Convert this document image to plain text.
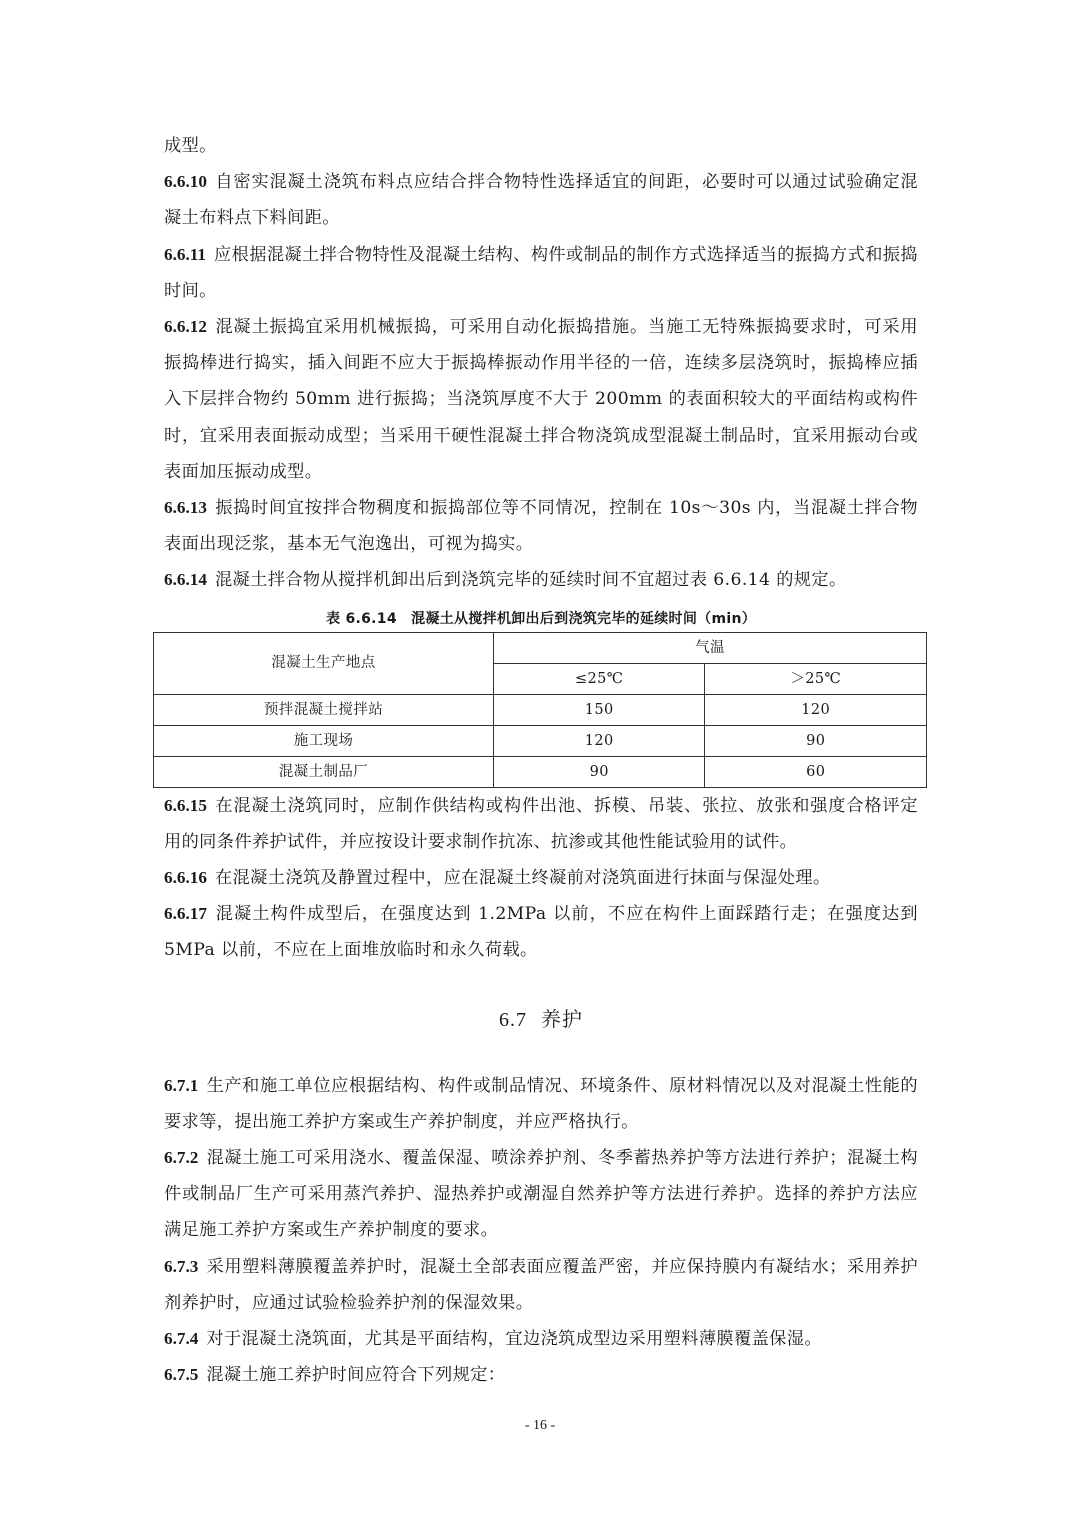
成型。

6.6.10 自密实混凝土浇筑布料点应结合拌合物特性选择适宜的间距，必要时可以通过试验确定混凝土布料点下料间距。

6.6.11 应根据混凝土拌合物特性及混凝土结构、构件或制品的制作方式选择适当的振捣方式和振捣时间。

6.6.12 混凝土振捣宜采用机械振捣，可采用自动化振捣措施。当施工无特殊振捣要求时，可采用振捣棒进行捣实，插入间距不应大于振捣棒振动作用半径的一倍，连续多层浇筑时，振捣棒应插入下层拌合物约 50mm 进行振捣；当浇筑厚度不大于 200mm 的表面积较大的平面结构或构件时，宜采用表面振动成型；当采用干硬性混凝土拌合物浇筑成型混凝土制品时，宜采用振动台或表面加压振动成型。

6.6.13 振捣时间宜按拌合物稠度和振捣部位等不同情况，控制在 10s～30s 内，当混凝土拌合物表面出现泛浆，基本无气泡逸出，可视为捣实。

6.6.14 混凝土拌合物从搅拌机卸出后到浇筑完毕的延续时间不宜超过表 6.6.14 的规定。

表 6.6.14　混凝土从搅拌机卸出后到浇筑完毕的延续时间（min）
混凝土生产地点	气温	
	≤25℃	＞25℃
预拌混凝土搅拌站	150	120
施工现场	120	90
混凝土制品厂	90	60

6.6.15 在混凝土浇筑同时，应制作供结构或构件出池、拆模、吊装、张拉、放张和强度合格评定用的同条件养护试件，并应按设计要求制作抗冻、抗渗或其他性能试验用的试件。

6.6.16 在混凝土浇筑及静置过程中，应在混凝土终凝前对浇筑面进行抹面与保湿处理。

6.6.17 混凝土构件成型后，在强度达到 1.2MPa 以前，不应在构件上面踩踏行走；在强度达到 5MPa 以前，不应在上面堆放临时和永久荷载。

6.7 养护

6.7.1 生产和施工单位应根据结构、构件或制品情况、环境条件、原材料情况以及对混凝土性能的要求等，提出施工养护方案或生产养护制度，并应严格执行。

6.7.2 混凝土施工可采用浇水、覆盖保湿、喷涂养护剂、冬季蓄热养护等方法进行养护；混凝土构件或制品厂生产可采用蒸汽养护、湿热养护或潮湿自然养护等方法进行养护。选择的养护方法应满足施工养护方案或生产养护制度的要求。

6.7.3 采用塑料薄膜覆盖养护时，混凝土全部表面应覆盖严密，并应保持膜内有凝结水；采用养护剂养护时，应通过试验检验养护剂的保湿效果。

6.7.4 对于混凝土浇筑面，尤其是平面结构，宜边浇筑成型边采用塑料薄膜覆盖保湿。

6.7.5 混凝土施工养护时间应符合下列规定：

- 16 -
